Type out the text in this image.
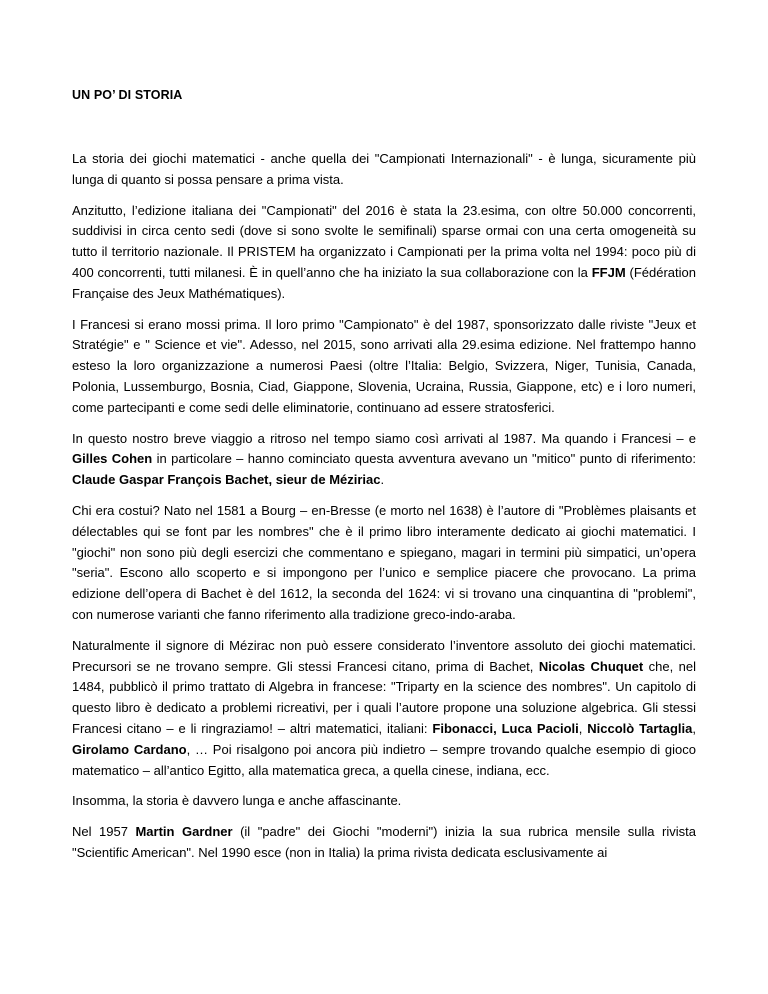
UN PO’ DI STORIA

La storia dei giochi matematici - anche quella dei "Campionati Internazionali" - è lunga, sicuramente più lunga di quanto si possa pensare a prima vista.

Anzitutto, l’edizione italiana dei "Campionati" del 2016 è stata la 23.esima, con oltre 50.000 concorrenti, suddivisi in circa cento sedi (dove si sono svolte le semifinali) sparse ormai con una certa omogeneità su tutto il territorio nazionale. Il PRISTEM ha organizzato i Campionati per la prima volta nel 1994: poco più di 400 concorrenti, tutti milanesi. È in quell’anno che ha iniziato la sua collaborazione con la FFJM (Fédération Française des Jeux Mathématiques).

I Francesi si erano mossi prima. Il loro primo "Campionato" è del 1987, sponsorizzato dalle riviste "Jeux et Stratégie" e " Science et vie". Adesso, nel 2015, sono arrivati alla 29.esima edizione. Nel frattempo hanno esteso la loro organizzazione a numerosi Paesi (oltre l’Italia: Belgio, Svizzera, Niger, Tunisia, Canada, Polonia, Lussemburgo, Bosnia, Ciad, Giappone, Slovenia, Ucraina, Russia, Giappone, etc) e i loro numeri, come partecipanti e come sedi delle eliminatorie, continuano ad essere stratosferici.

In questo nostro breve viaggio a ritroso nel tempo siamo così arrivati al 1987. Ma quando i Francesi – e Gilles Cohen in particolare – hanno cominciato questa avventura avevano un "mitico" punto di riferimento: Claude Gaspar François Bachet, sieur de Méziriac.

Chi era costui? Nato nel 1581 a Bourg – en-Bresse (e morto nel 1638) è l’autore di "Problèmes plaisants et délectables qui se font par les nombres" che è il primo libro interamente dedicato ai giochi matematici. I "giochi" non sono più degli esercizi che commentano e spiegano, magari in termini più simpatici, un’opera "seria". Escono allo scoperto e si impongono per l’unico e semplice piacere che provocano. La prima edizione dell’opera di Bachet è del 1612, la seconda del 1624: vi si trovano una cinquantina di "problemi", con numerose varianti che fanno riferimento alla tradizione greco-indo-araba.

Naturalmente il signore di Mézirac non può essere considerato l’inventore assoluto dei giochi matematici. Precursori se ne trovano sempre. Gli stessi Francesi citano, prima di Bachet, Nicolas Chuquet che, nel 1484, pubblicò il primo trattato di Algebra in francese: "Triparty en la science des nombres". Un capitolo di questo libro è dedicato a problemi ricreativi, per i quali l’autore propone una soluzione algebrica. Gli stessi Francesi citano – e li ringraziamo! – altri matematici, italiani: Fibonacci, Luca Pacioli, Niccolò Tartaglia, Girolamo Cardano, … Poi risalgono poi ancora più indietro – sempre trovando qualche esempio di gioco matematico – all’antico Egitto, alla matematica greca, a quella cinese, indiana, ecc.

Insomma, la storia è davvero lunga e anche affascinante.

Nel 1957 Martin Gardner (il "padre" dei Giochi "moderni") inizia la sua rubrica mensile sulla rivista "Scientific American". Nel 1990 esce (non in Italia) la prima rivista dedicata esclusivamente ai
